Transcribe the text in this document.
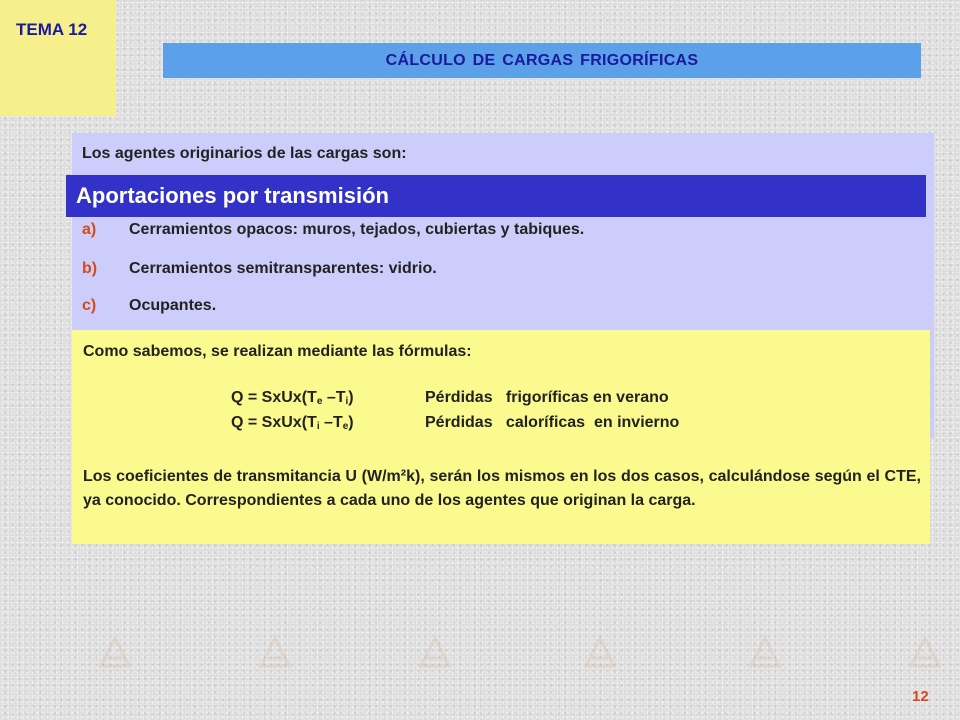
TEMA 12
CÁLCULO DE CARGAS FRIGORÍFICAS
Los agentes originarios de las cargas son:
a) Cerramientos opacos: muros, tejados, cubiertas y tabiques.
b) Cerramientos semitransparentes: vidrio.
c) Ocupantes.
Aportaciones por transmisión
Como sabemos, se realizan mediante las fórmulas:
$Q = SxUx(T_e$ $-T_i$)	Pérdidas   frigoríficas en verano
$Q = SxUx(T_i$ $-T_e$)	Pérdidas   caloríficas  en invierno
Los coeficientes de transmitancia U (W/m²k), serán los mismos en los dos casos, calculándose según el CTE, ya conocido. Correspondientes a cada uno de los agentes que originan la carga.
12
